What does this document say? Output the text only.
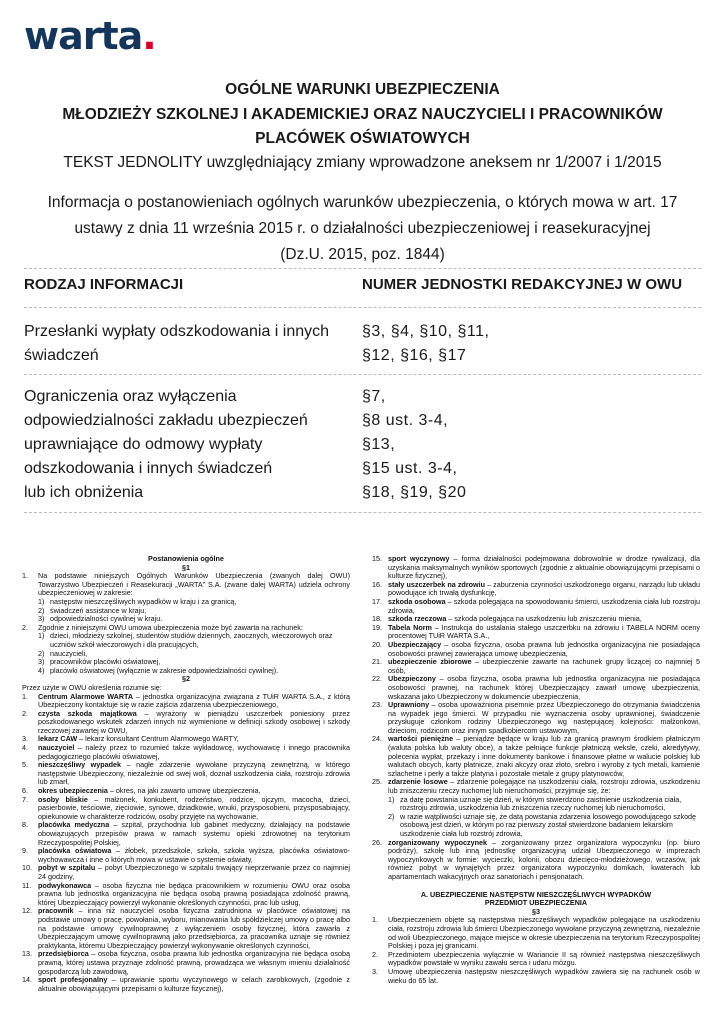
warta.
OGÓLNE WARUNKI UBEZPIECZENIA
MŁODZIEŻY SZKOLNEJ I AKADEMICKIEJ ORAZ NAUCZYCIELI I PRACOWNIKÓW
PLACÓWEK OŚWIATOWYCH
TEKST JEDNOLITY uwzględniający zmiany wprowadzone aneksem nr 1/2007 i 1/2015
Informacja o postanowieniach ogólnych warunków ubezpieczenia, o których mowa w art. 17
ustawy z dnia 11 września 2015 r. o działalności ubezpieczeniowej i reasekuracyjnej
(Dz.U. 2015, poz. 1844)
RODZAJ INFORMACJI	NUMER JEDNOSTKI REDAKCYJNEJ W OWU
Przesłanki wypłaty odszkodowania i innych
świadczeń
§3, §4, §10, §11,
§12, §16, §17
Ograniczenia oraz wyłączenia
odpowiedzialności zakładu ubezpieczeń
uprawniające do odmowy wypłaty
odszkodowania i innych świadczeń
lub ich obniżenia
§7,
§8 ust. 3-4,
§13,
§15 ust. 3-4,
§18, §19, §20
Postanowienia ogólne
§1
1. Na podstawie niniejszych Ogólnych Warunków Ubezpieczenia (zwanych dalej OWU) Towarzystwo Ubezpieczeń i Reasekuracji „WARTA” S.A. (zwane dalej WARTA) udziela ochrony ubezpieczeniowej w zakresie:
1) następstw nieszczęśliwych wypadków w kraju i za granicą,
2) świadczeń assistance w kraju,
3) odpowiedzialności cywilnej w kraju.
2. Zgodnie z niniejszymi OWU umowa ubezpieczenia może być zawarta na rachunek:
1) dzieci, młodzieży szkolnej, studentów studiów dziennych, zaocznych, wieczorowych oraz uczniów szkół wieczorowych i dla pracujących,
2) nauczycieli,
3) pracowników placówki oświatowej,
4) placówki oświatowej (wyłącznie w zakresie odpowiedzialności cywilnej).
§2
Przez użyte w OWU określenia rozumie się:
1. Centrum Alarmowe WARTA – jednostka organizacyjna związana z TUiR WARTA S.A., z którą Ubezpieczony kontaktuje się w razie zajścia zdarzenia ubezpieczeniowego,
2. czysta szkoda majątkowa – wyrażony w pieniądzu uszczerbek poniesiony przez poszkodowanego wskutek zdarzeń innych niż wymienione w definicji szkody osobowej i szkody rzeczowej zawartej w OWU,
3. lekarz CAW – lekarz konsultant Centrum Alarmowego WARTY,
4. nauczyciel – należy przez to rozumieć także wykładowcę, wychowawcę i innego pracownika pedagogicznego placówki oświatowej,
5. nieszczęśliwy wypadek – nagłe zdarzenie wywołane przyczyną zewnętrzną, w którego następstwie Ubezpieczony, niezależnie od swej woli, doznał uszkodzenia ciała, rozstroju zdrowia lub zmarł,
6. okres ubezpieczenia – okres, na jaki zawarto umowę ubezpieczenia,
7. osoby bliskie – małżonek, konkubent, rodzeństwo, rodzice, ojczym, macocha, dzieci, pasierbowie, teściowie, zięciowie, synowe, dziadkowie, wnuki, przysposobieni, przysposabiający, opiekunowie w charakterze rodziców, osoby przyjęte na wychowanie,
8. placówka medyczna – szpital, przychodnia lub gabinet medyczny, działający na podstawie obowiązujących przepisów prawa w ramach systemu opieki zdrowotnej na terytorium Rzeczypospolitej Polskiej,
9. placówka oświatowa – żłobek, przedszkole, szkoła, szkoła wyższa, placówka oświatowo-wychowawcza i inne o których mowa w ustawie o systemie oświaty,
10. pobyt w szpitalu – pobyt Ubezpieczonego w szpitalu trwający nieprzerwanie przez co najmniej 24 godziny,
11. podwykonawca – osoba fizyczna nie będąca pracownikiem w rozumieniu OWU oraz osoba prawna lub jednostka organizacyjna nie będąca osobą prawną posiadająca zdolność prawną, której Ubezpieczający powierzył wykonanie określonych czynności, prac lub usług,
12. pracownik – inna niż nauczyciel osoba fizyczna zatrudniona w placówce oświatowej na podstawie umowy o pracę, powołania, wyboru, mianowania lub spółdzielczej umowy o pracę albo na podstawie umowy cywilnoprawnej z wyłączeniem osoby fizycznej, która zawarła z Ubezpieczającym umowę cywilnoprawną jako przedsiębiorca, za pracownika uznaje się również praktykanta, któremu Ubezpieczający powierzył wykonywanie określonych czynności,
13. przedsiębiorca – osoba fizyczna, osoba prawna lub jednostka organizacyjna nie będąca osobą prawną, której ustawa przyznaje zdolność prawną, prowadząca we własnym imieniu działalność gospodarczą lub zawodową,
14. sport profesjonalny – uprawianie sportu wyczynowego w celach zarobkowych, (zgodnie z aktualnie obowiązującymi przepisami o kulturze fizycznej),
15. sport wyczynowy – forma działalności podejmowana dobrowolnie w drodze rywalizacji, dla uzyskania maksymalnych wyników sportowych (zgodnie z aktualnie obowiązującymi przepisami o kulturze fizycznej),
16. stały uszczerbek na zdrowiu – zaburzenia czynności uszkodzonego organu, narządu lub układu powodujące ich trwałą dysfunkcję,
17. szkoda osobowa – szkoda polegająca na spowodowaniu śmierci, uszkodzenia ciała lub rozstroju zdrowia,
18. szkoda rzeczowa – szkoda polegająca na uszkodzeniu lub zniszczeniu mienia,
19. Tabela Norm – Instrukcja do ustalania stałego uszczerbku na zdrowiu i TABELA NORM oceny procentowej TUiR WARTA S.A.,
20. Ubezpieczający – osoba fizyczna, osoba prawna lub jednostka organizacyjna nie posiadająca osobowości prawnej zawierająca umowę ubezpieczenia,
21. ubezpieczenie zbiorowe – ubezpieczenie zawarte na rachunek grupy liczącej co najmniej 5 osób,
22. Ubezpieczony – osoba fizyczna, osoba prawna lub jednostka organizacyjna nie posiadająca osobowości prawnej, na rachunek której Ubezpieczający zawarł umowę ubezpieczenia, wskazana jako Ubezpieczony w dokumencie ubezpieczenia,
23. Uprawniony – osoba upoważniona pisemnie przez Ubezpieczonego do otrzymania świadczenia na wypadek jego śmierci. W przypadku nie wyznaczenia osoby uprawnionej, świadczenie przysługuje członkom rodziny Ubezpieczonego wg następującej kolejności: małżonkowi, dzieciom, rodzicom oraz innym spadkobiercom ustawowym,
24. wartości pieniężne – pieniądze będące w kraju lub za granicą prawnym środkiem płatniczym (waluta polska lub waluty obce), a także pełniące funkcje płatniczą weksle, czeki, akredytywy, polecenia wypłat, przekazy i inne dokumenty bankowe i finansowe płatne w walucie polskiej lub walutach obcych, karty płatnicze, znaki akcyzy oraz złoto, srebro i wyroby z tych metali, kamienie szlachetne i perły a także platyna i pozostałe metale z grupy platynowców,
25. zdarzenie losowe – zdarzenie polegające na uszkodzeniu ciała, rozstroju zdrowia, uszkodzeniu lub zniszczeniu rzeczy ruchomej lub nieruchomości, przyjmuje się, że:
1) za datę powstania uznaje się dzień, w którym stwierdzono zaistnienie uszkodzenia ciała, rozstroju zdrowia, uszkodzenia lub zniszczenia rzeczy ruchomej lub nieruchomości,
2) w razie wątpliwości uznaje się, że datą powstania zdarzenia losowego powodującego szkodę osobową jest dzień, w którym po raz pierwszy został stwierdzone badaniem lekarskim uszkodzenie ciała lub rozstrój zdrowia,
26. zorganizowany wypoczynek – zorganizowany przez organizatora wypoczynku (np. biuro podróży), szkołę lub inną jednostkę organizacyjną udział Ubezpieczonego w imprezach wypoczynkowych w formie: wycieczki, kolonii, obozu dziecięco-młodzieżowego, wczasów, jak również pobyt w wynajętych przez organizatora wypoczynku domkach, kwaterach lub apartamentach wakacyjnych oraz sanatoriach i pensjonatach.
A. UBEZPIECZENIE NASTĘPSTW NIESZCZĘŚLIWYCH WYPADKÓW
PRZEDMIOT UBEZPIECZENIA
§3
1. Ubezpieczeniem objęte są następstwa nieszczęśliwych wypadków polegające na uszkodzeniu ciała, rozstroju zdrowia lub śmierci Ubezpieczonego wywołane przyczyną zewnętrzną, niezależnie od woli Ubezpieczonego, mające miejsce w okresie ubezpieczenia na terytorium Rzeczypospolitej Polskiej i poza jej granicami.
2. Przedmiotem ubezpieczenia wyłącznie w Wariancie II są również następstwa nieszczęśliwych wypadków powstałe w wyniku zawału serca i udaru mózgu.
3. Umowę ubezpieczenia następstw nieszczęśliwych wypadków zawiera się na rachunek osób w wieku do 65 lat.
